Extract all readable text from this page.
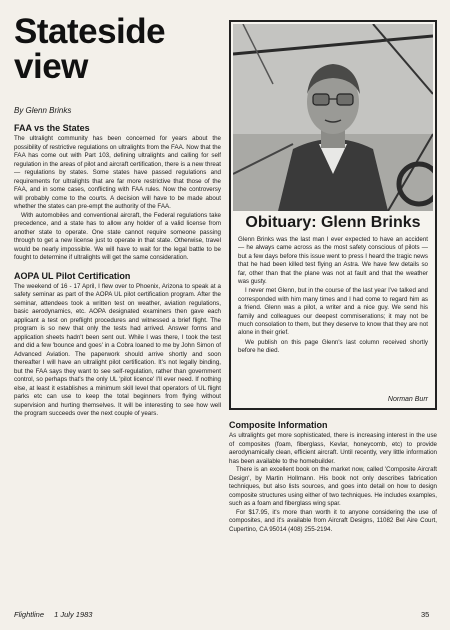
Stateside
view
By Glenn Brinks
FAA vs the States

The ultralight community has been concerned for years about the possibility of restrictive regulations on ultralights from the FAA. Now that the FAA has come out with Part 103, defining ultralights and calling for self regulation in the areas of pilot and aircraft certification, there is a new threat — regulations by states. Some states have passed regulations and requirements for ultralights that are far more restrictive that those of the FAA, and in some cases, conflicting with FAA rules. Now the controversy will probably come to the courts. A decision will have to be made about whether the states can pre-empt the authority of the FAA.

With automobiles and conventional aircraft, the Federal regulations take precedence, and a state has to allow any holder of a valid license from another state to operate. One state cannot require someone passing through to get a new license just to operate in that state. Otherwise, travel would be nearly impossible. We will have to wait for the legal battle to be fought to determine if ultralights will get the same consideration.

AOPA UL Pilot Certification

The weekend of 16 - 17 April, I flew over to Phoenix, Arizona to speak at a safety seminar as part of the AOPA UL pilot certification program. After the seminar, attendees took a written test on weather, aviation regulations, basic aerodynamics, etc. AOPA designated examiners then gave each applicant a test on preflight procedures and witnessed a brief flight. The program is so new that only the tests had arrived. Answer forms and application sheets hadn't been sent out. While I was there, I took the test and did a few 'bounce and goes' in a Cobra loaned to me by John Simon of Advanced Aviation. The paperwork should arrive shortly and soon thereafter I will have an ultralight pilot certification. It's not legally binding, but the FAA says they want to see self-regulation, rather than government control, so perhaps that's the only UL 'pilot licence' I'll ever need. If nothing else, at least it establishes a minimum skill level that operators of UL flight parks etc can use to keep the total beginners from flying without supervision and hurting themselves. It will be interesting to see how well the program succeeds over the next couple of years.

Obituary: Glenn Brinks

Glenn Brinks was the last man I ever expected to have an accident — he always came across as the most safety conscious of pilots — but a few days before this issue went to press I heard the tragic news that he had been killed test flying an Astra. We have few details so far, other than that the plane was not at fault and that the weather was gusty.

I never met Glenn, but in the course of the last year I've talked and corresponded with him many times and I had come to regard him as a friend. Glenn was a pilot, a writer and a nice guy. We send his family and colleagues our deepest commiserations; it may not be much consolation to them, but they deserve to know that they are not alone in their grief.

We publish on this page Glenn's last column received shortly before he died.

Norman Burr
Composite Information

As ultralights get more sophisticated, there is increasing interest in the use of composites (foam, fiberglass, Kevlar, honeycomb, etc) to provide aerodynamically clean, efficient aircraft. Until recently, very little information has been available to the homebuilder.

There is an excellent book on the market now, called 'Composite Aircraft Design', by Martin Hollmann. His book not only describes fabrication techniques, but also lists sources, and goes into detail on how to design composite structures using either of two techniques. He includes examples, such as a foam and fiberglass wing spar.

For $17.95, it's more than worth it to anyone considering the use of composites, and it's available from Aircraft Designs, 11082 Bel Aire Court, Cupertino, CA 95014 (408) 255-2194.

Flightline 1 July 1983	35
